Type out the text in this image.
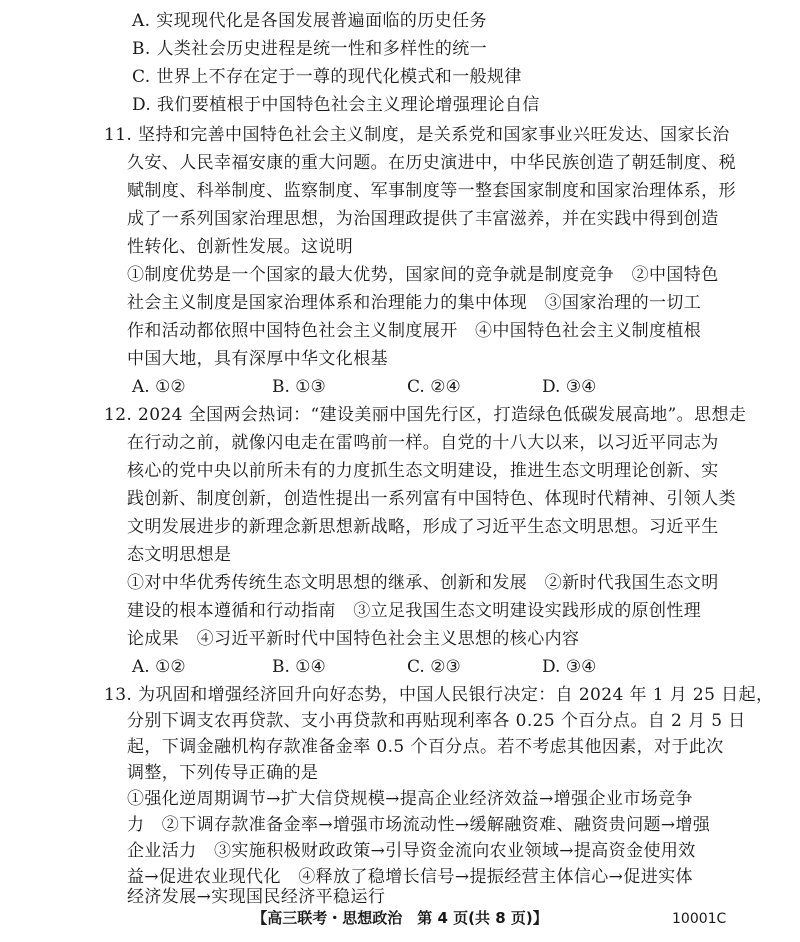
A. 实现现代化是各国发展普遍面临的历史任务
B. 人类社会历史进程是统一性和多样性的统一
C. 世界上不存在定于一尊的现代化模式和一般规律
D. 我们要植根于中国特色社会主义理论增强理论自信
11. 坚持和完善中国特色社会主义制度，是关系党和国家事业兴旺发达、国家长治
久安、人民幸福安康的重大问题。在历史演进中，中华民族创造了朝廷制度、税
赋制度、科举制度、监察制度、军事制度等一整套国家制度和国家治理体系，形
成了一系列国家治理思想，为治国理政提供了丰富滋养，并在实践中得到创造
性转化、创新性发展。这说明
①制度优势是一个国家的最大优势，国家间的竞争就是制度竞争　②中国特色
社会主义制度是国家治理体系和治理能力的集中体现　③国家治理的一切工
作和活动都依照中国特色社会主义制度展开　④中国特色社会主义制度植根
中国大地，具有深厚中华文化根基
A. ①②	B. ①③	C. ②④	D. ③④
12. 2024 全国两会热词：“建设美丽中国先行区，打造绿色低碳发展高地”。思想走
在行动之前，就像闪电走在雷鸣前一样。自党的十八大以来，以习近平同志为
核心的党中央以前所未有的力度抓生态文明建设，推进生态文明理论创新、实
践创新、制度创新，创造性提出一系列富有中国特色、体现时代精神、引领人类
文明发展进步的新理念新思想新战略，形成了习近平生态文明思想。习近平生
态文明思想是
①对中华优秀传统生态文明思想的继承、创新和发展　②新时代我国生态文明
建设的根本遵循和行动指南　③立足我国生态文明建设实践形成的原创性理
论成果　④习近平新时代中国特色社会主义思想的核心内容
A. ①②	B. ①④	C. ②③	D. ③④
13. 为巩固和增强经济回升向好态势，中国人民银行决定：自 2024 年 1 月 25 日起，
分别下调支农再贷款、支小再贷款和再贴现利率各 0.25 个百分点。自 2 月 5 日
起，下调金融机构存款准备金率 0.5 个百分点。若不考虑其他因素，对于此次
调整，下列传导正确的是
①强化逆周期调节→扩大信贷规模→提高企业经济效益→增强企业市场竞争
力　②下调存款准备金率→增强市场流动性→缓解融资难、融资贵问题→增强
企业活力　③实施积极财政政策→引导资金流向农业领域→提高资金使用效
益→促进农业现代化　④释放了稳增长信号→提振经营主体信心→促进实体
经济发展→实现国民经济平稳运行
【高三联考・思想政治　第 4 页(共 8 页)】	10001C
